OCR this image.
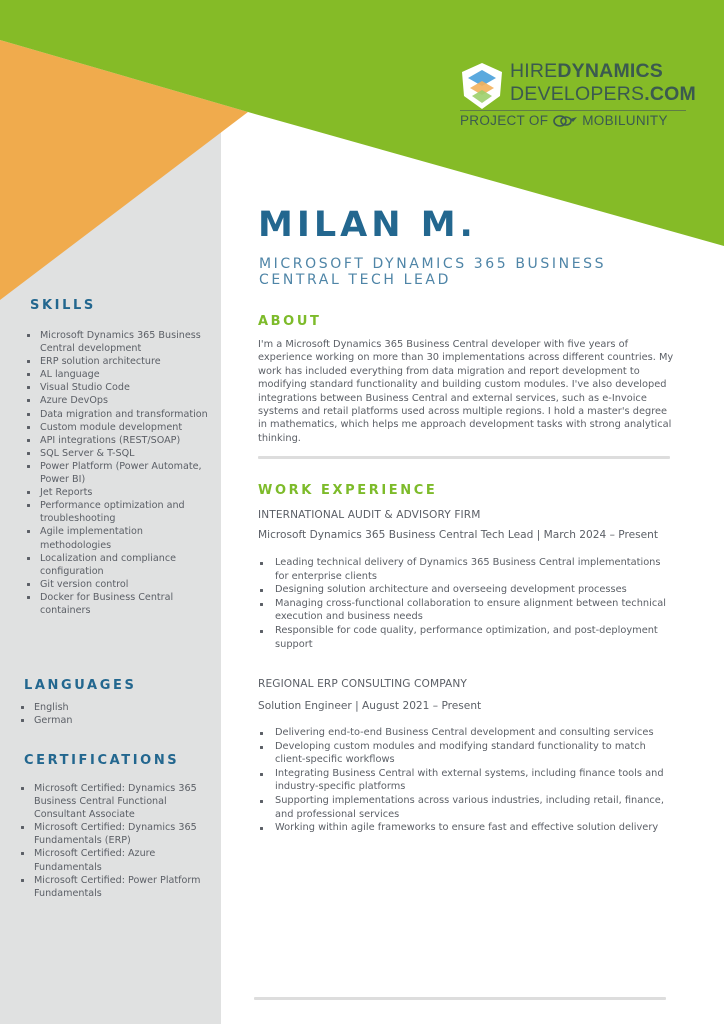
HIREDYNAMICS
DEVELOPERS.COM
PROJECT OF	MOBILUNITY
MILAN M.
MICROSOFT DYNAMICS 365 BUSINESS CENTRAL TECH LEAD
ABOUT

I'm a Microsoft Dynamics 365 Business Central developer with five years of experience working on more than 30 implementations across different countries. My work has included everything from data migration and report development to modifying standard functionality and building custom modules. I've also developed integrations between Business Central and external services, such as e-Invoice systems and retail platforms used across multiple regions. I hold a master's degree in mathematics, which helps me approach development tasks with strong analytical thinking.

WORK EXPERIENCE
INTERNATIONAL AUDIT & ADVISORY FIRM
Microsoft Dynamics 365 Business Central Tech Lead | March 2024 – Present
Leading technical delivery of Dynamics 365 Business Central implementations for enterprise clients
Designing solution architecture and overseeing development processes
Managing cross-functional collaboration to ensure alignment between technical execution and business needs
Responsible for code quality, performance optimization, and post-deployment support
REGIONAL ERP CONSULTING COMPANY
Solution Engineer | August 2021 – Present
Delivering end-to-end Business Central development and consulting services
Developing custom modules and modifying standard functionality to match client-specific workflows
Integrating Business Central with external systems, including finance tools and industry-specific platforms
Supporting implementations across various industries, including retail, finance, and professional services
Working within agile frameworks to ensure fast and effective solution delivery
SKILLS
Microsoft Dynamics 365 Business Central development
ERP solution architecture
AL language
Visual Studio Code
Azure DevOps
Data migration and transformation
Custom module development
API integrations (REST/SOAP)
SQL Server & T-SQL
Power Platform (Power Automate, Power BI)
Jet Reports
Performance optimization and troubleshooting
Agile implementation methodologies
Localization and compliance configuration
Git version control
Docker for Business Central containers
LANGUAGES
English
German
CERTIFICATIONS
Microsoft Certified: Dynamics 365 Business Central Functional Consultant Associate
Microsoft Certified: Dynamics 365 Fundamentals (ERP)
Microsoft Certified: Azure Fundamentals
Microsoft Certified: Power Platform Fundamentals
